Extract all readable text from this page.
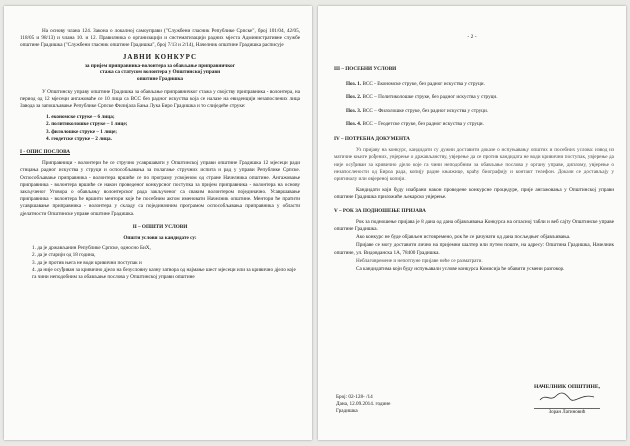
На основу члана 124. Закона о локалној самоуправи ("Службени гласник Републике Српске", број 101/04, 42/05, 118/05 и 98/13) и члана 10. и 12. Правилника о организацији и систематизацији радних мјеста Административне службе општине Градишка ("Службени гласник општине Градишка", број 7/13 и 2/14), Начелник општине Градишка расписује

ЈАВНИ КОНКУРС
за пријем приправника-волонтера за обављање приправничког
стажа са статусом волонтера у Општинској управи
општине Градишка

У Општинску управу општине Градишка за обављање приправничког стажа у својству приправника - волонтера, на период од 12 мјесеци ангажоваће се 10 лица са ВСС без радног искуства која се налазе на евиденцији незапослених лица Завода за запошљавање Републике Српске Филијала Бања Лука Биро Градишка и то слиједеће струке:

1. економске струке – 6 лица;
2. политиколошке струке – 1 лице;
3. филолошке струке – 1 лице;
4. геодетске струке – 2 лица.
I - ОПИС ПОСЛОВА

Приправници - волонтери ће се стручно усавршавати у Општинској управи општине Градишка 12 мјесеци ради стицања радног искуства у струци и оспособљавања за полагање стручних испита и рад у управи Републике Српске. Оспособљавање приправника - волонтера вршиће се по програму усвојеном од стране Начелника општине. Ангажовање приправника - волонтера вршиће се након проведеног конкурсног поступка за пријем приправника - волонтера на основу закљученог Уговора о обављању волонтерског рада закљученог са сваким волонтером појединачно. Усавршавање приправника - волонтера ће вршити ментори које ће посебним актом именовати Начелник општине. Ментори ће пратити усавршавање приправника - волонтера у складу са појединачним програмом оспособљавања приправника у области дјелатности Општинске управе општине Градишка.

II – ОПШТИ УСЛОВИ
Општи услови за кандидате су:
1. да је држављанин Републике Српске, односно БиХ,
2. да је старији од 18 година,
3. да је против њега не води кривични поступак и
4. да није осуђиван за кривично дјело на безусловну казну затвора од најмање шест мјесеци или за кривично дјело које га чини неподобним за обављање послова у Општинској управи општине
- 2 -
III – ПОСЕБНИ УСЛОВИ
Поз. 1. ВСС - Економске струке, без радног искуства у струци.
Поз. 2. ВСС – Политиколошке струке, без радног искуства у струци.
Поз. 3. ВСС – Филолошке струке, без радног искуства у струци.
Поз. 4. ВСС – Геодетске струке, без радног искуства у струци.
IV – ПОТРЕБНА ДОКУМЕНТА

Уз пријаву на конкурс, кандидати су дужни доставити доказе о испуњавању општих и посебних услова: извод из матичне књиге рођених, увјерење о држављанству, увјерење да се против кандидата не води кривични поступак, увјерење да није осуђиван за кривично дјело које га чини неподобним за обављање послова у органу управе, диплому, увјерење о незапослености од Бироа рада, копију радне књижице, краћу биографију и контакт телефон. Докази се достављају у оригиналу или овјереној копији.

Кандидати који буду изабрани након проведене конкурсне процедуре, прије ангажовања у Општинској управи општине Градишка приложиће љекарско увјерење.

V – РОК ЗА ПОДНОШЕЊЕ ПРИЈАВА

Рок за подношење пријава је 8 дана од дана објављивања Конкурса на огласној табли и веб сајту Општинске управе општине Градишка.

Ако конкурс не буде објављен истовремено, рок ће се рачунати од дана посљедњег објављивања.

Пријаве се могу доставити лично на пријемни шалтер или путем поште, на адресу: Општина Градишка, Начелник општине, ул. Видовданска 1А, 78400 Градишка.

Неблаговремене и непотпуне пријаве неће се разматрати.

Са кандидатима који буду испуњавали услове конкурса Комисија ће обавити усмени разговор.

Број: 02-128- /14
Дана, 12.09.2014. године
Градишка
НАЧЕЛНИК ОПШТИНЕ,
Зоран Латиновић
